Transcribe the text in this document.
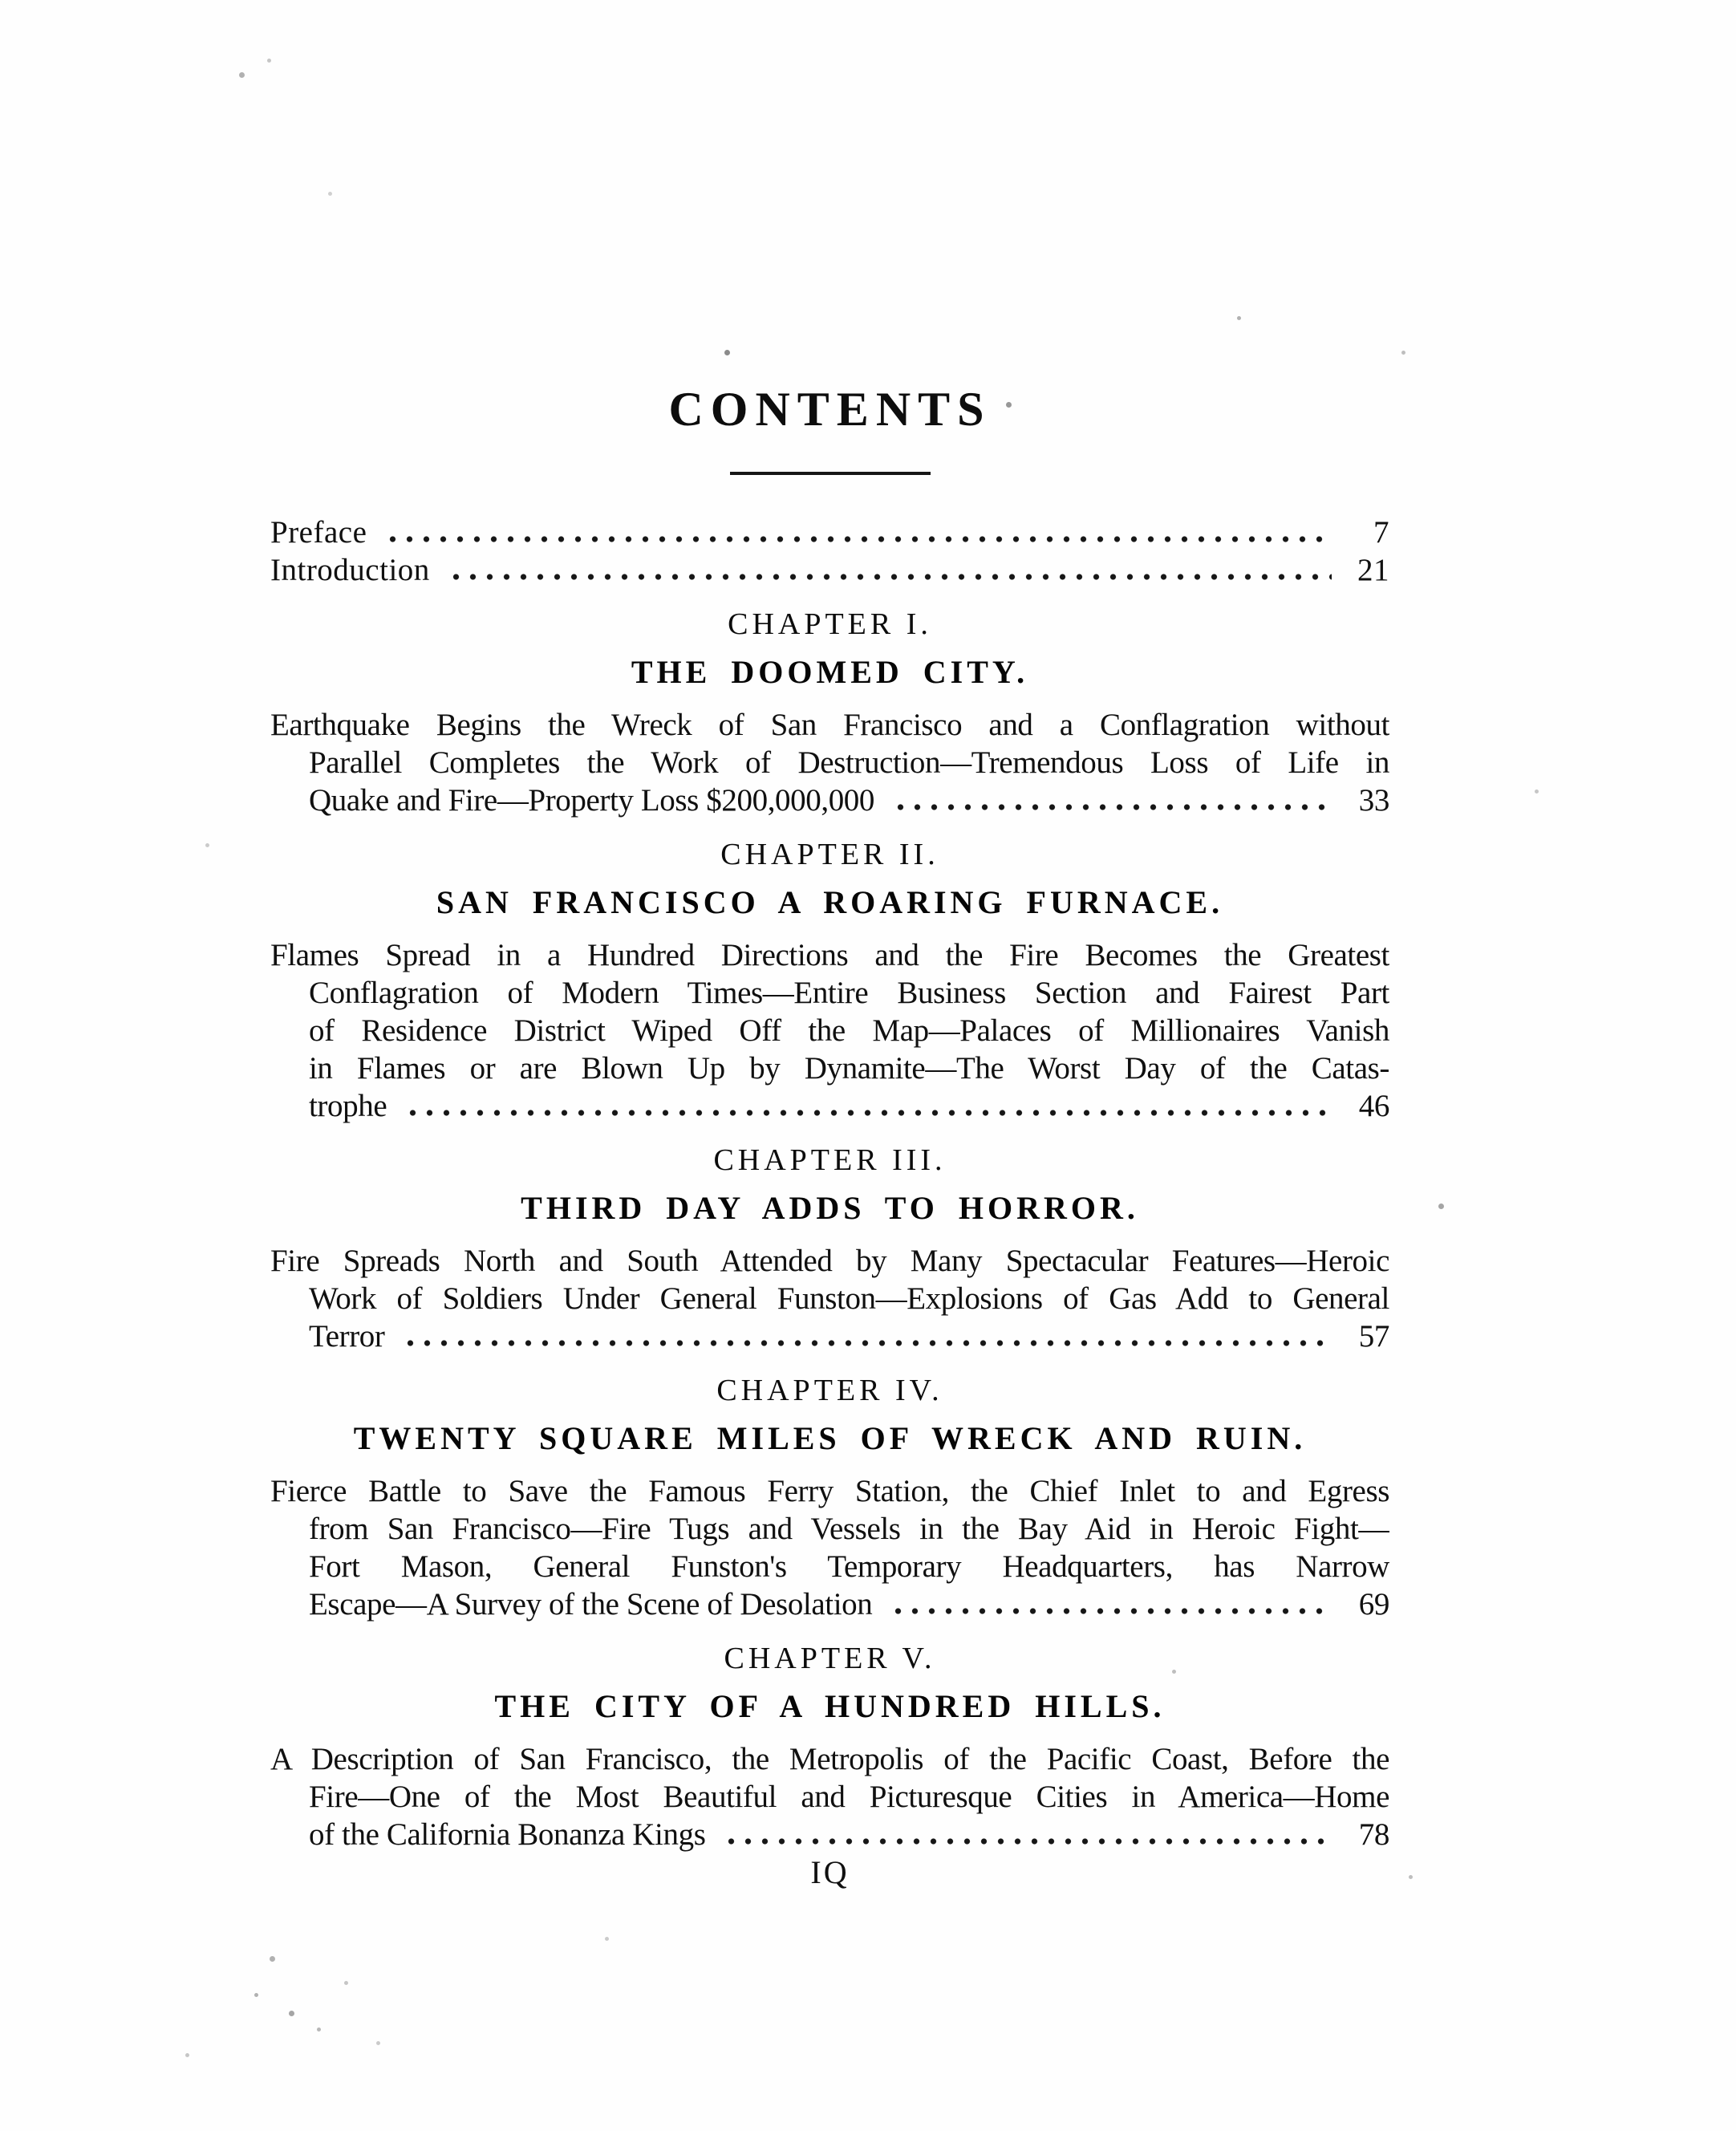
CONTENTS
Preface	7
Introduction	21
CHAPTER I.
THE DOOMED CITY.
Earthquake Begins the Wreck of San Francisco and a Conflagration without
Parallel Completes the Work of Destruction—Tremendous Loss of Life in
Quake and Fire—Property Loss $200,000,000	33
CHAPTER II.
SAN FRANCISCO A ROARING FURNACE.
Flames Spread in a Hundred Directions and the Fire Becomes the Greatest
Conflagration of Modern Times—Entire Business Section and Fairest Part
of Residence District Wiped Off the Map—Palaces of Millionaires Vanish
in Flames or are Blown Up by Dynamite—The Worst Day of the Catas-
trophe	46
CHAPTER III.
THIRD DAY ADDS TO HORROR.
Fire Spreads North and South Attended by Many Spectacular Features—Heroic
Work of Soldiers Under General Funston—Explosions of Gas Add to General
Terror	57
CHAPTER IV.
TWENTY SQUARE MILES OF WRECK AND RUIN.
Fierce Battle to Save the Famous Ferry Station, the Chief Inlet to and Egress
from San Francisco—Fire Tugs and Vessels in the Bay Aid in Heroic Fight—
Fort Mason, General Funston's Temporary Headquarters, has Narrow
Escape—A Survey of the Scene of Desolation	69
CHAPTER V.
THE CITY OF A HUNDRED HILLS.
A Description of San Francisco, the Metropolis of the Pacific Coast, Before the
Fire—One of the Most Beautiful and Picturesque Cities in America—Home
of the California Bonanza Kings	78
IQ
